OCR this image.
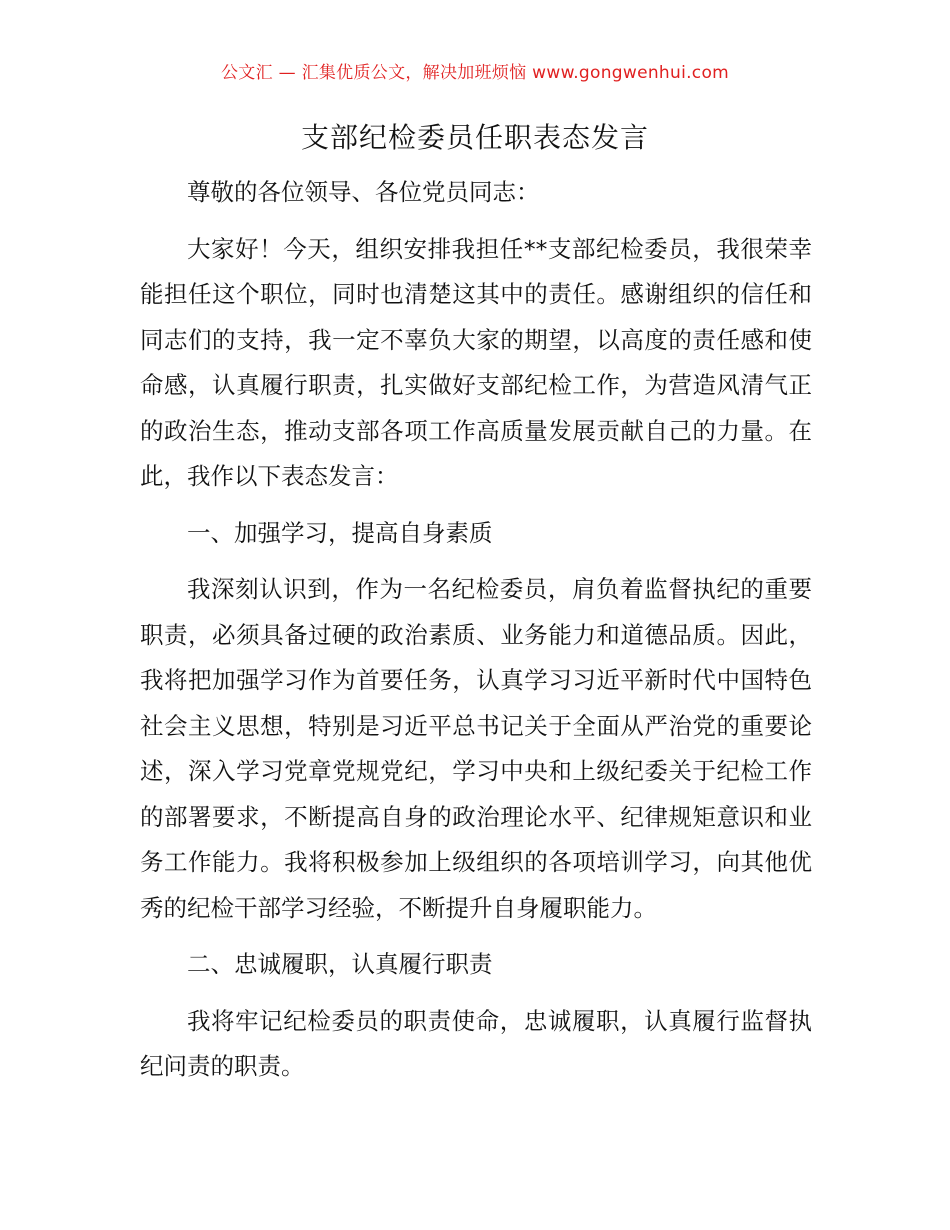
公文汇 — 汇集优质公文，解决加班烦恼 www.gongwenhui.com
支部纪检委员任职表态发言

尊敬的各位领导、各位党员同志：

大家好！今天，组织安排我担任**支部纪检委员，我很荣幸能担任这个职位，同时也清楚这其中的责任。感谢组织的信任和同志们的支持，我一定不辜负大家的期望，以高度的责任感和使命感，认真履行职责，扎实做好支部纪检工作，为营造风清气正的政治生态，推动支部各项工作高质量发展贡献自己的力量。在此，我作以下表态发言：

一、加强学习，提高自身素质

我深刻认识到，作为一名纪检委员，肩负着监督执纪的重要职责，必须具备过硬的政治素质、业务能力和道德品质。因此，我将把加强学习作为首要任务，认真学习习近平新时代中国特色社会主义思想，特别是习近平总书记关于全面从严治党的重要论述，深入学习党章党规党纪，学习中央和上级纪委关于纪检工作的部署要求，不断提高自身的政治理论水平、纪律规矩意识和业务工作能力。我将积极参加上级组织的各项培训学习，向其他优秀的纪检干部学习经验，不断提升自身履职能力。

二、忠诚履职，认真履行职责

我将牢记纪检委员的职责使命，忠诚履职，认真履行监督执纪问责的职责。
